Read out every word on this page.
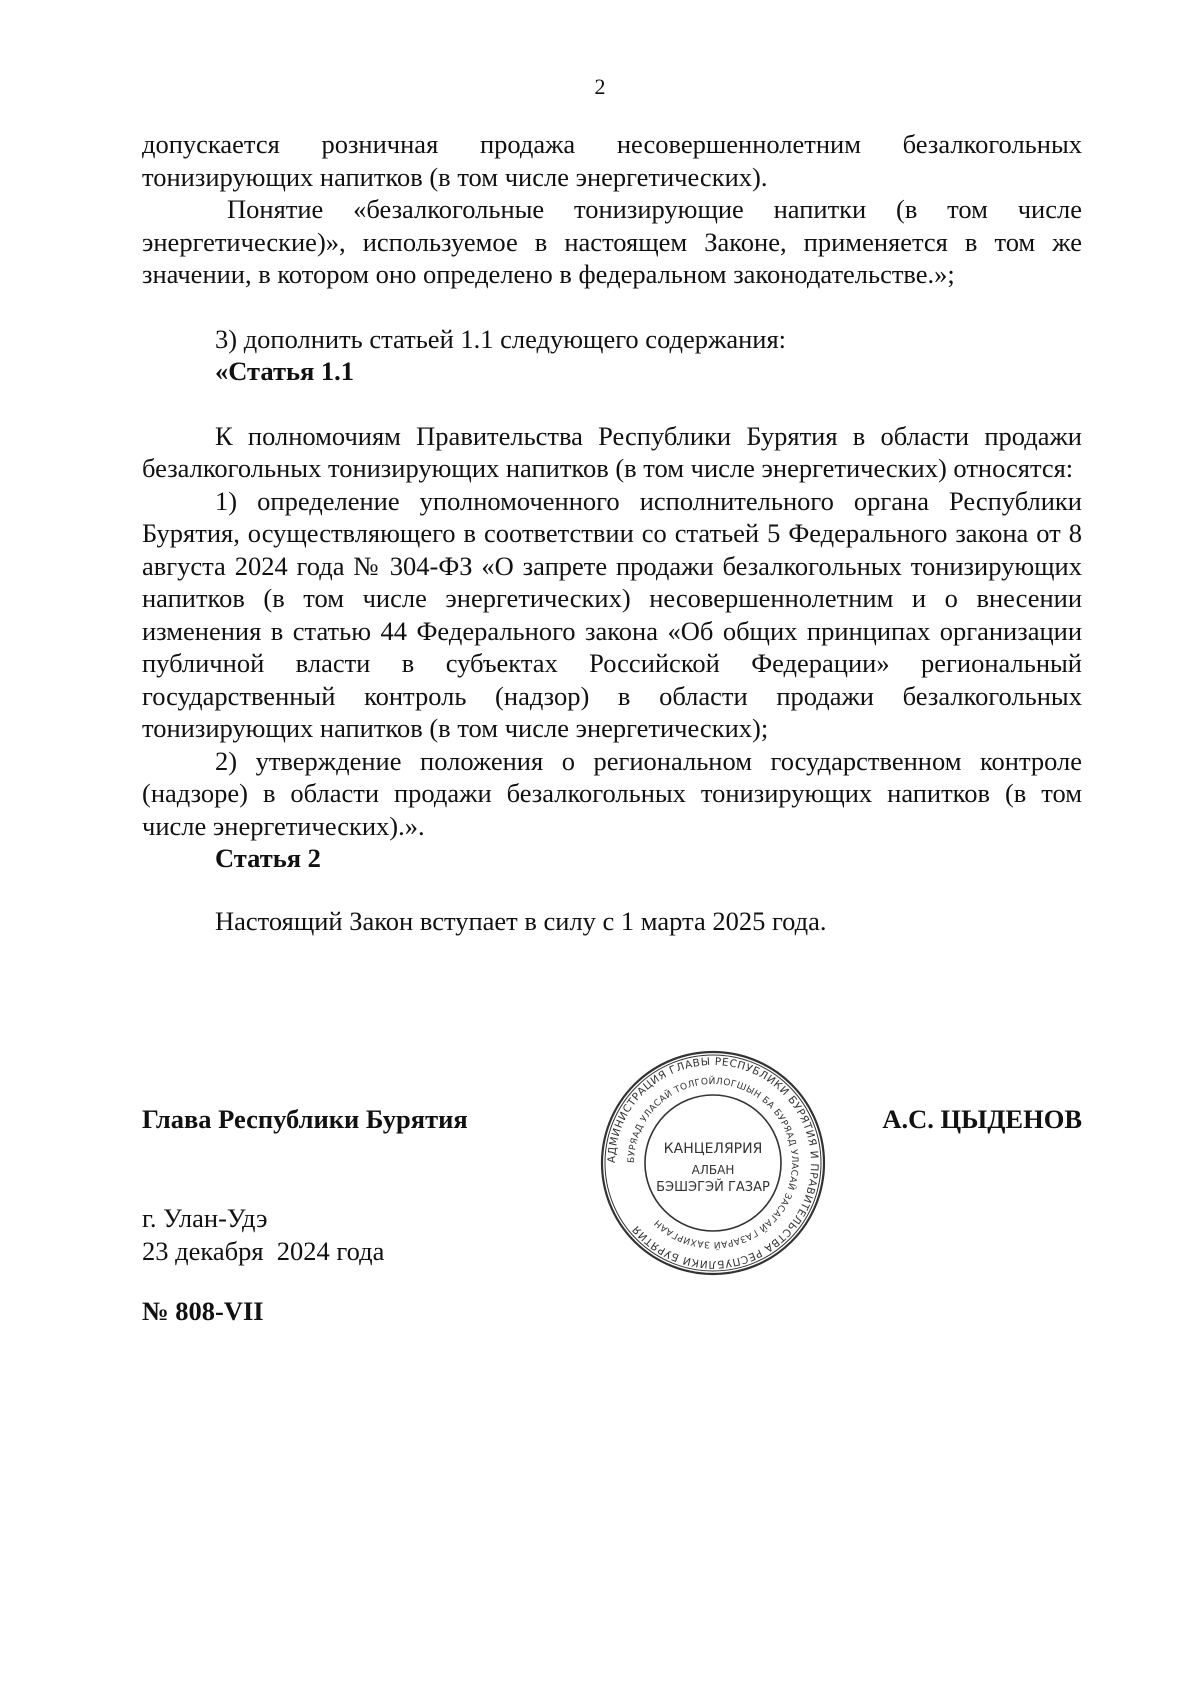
2

допускается розничная продажа несовершеннолетним безалкогольных тонизирующих напитков (в том числе энергетических).

Понятие «безалкогольные тонизирующие напитки (в том числе энергетические)», используемое в настоящем Законе, применяется в том же значении, в котором оно определено в федеральном законодательстве.»;

3) дополнить статьей 1.1 следующего содержания:

«Статья 1.1

К полномочиям Правительства Республики Бурятия в области продажи безалкогольных тонизирующих напитков (в том числе энергетических) относятся:

1) определение уполномоченного исполнительного органа Республики Бурятия, осуществляющего в соответствии со статьей 5 Федерального закона от 8 августа 2024 года № 304-ФЗ «О запрете продажи безалкогольных тонизирующих напитков (в том числе энергетических) несовершеннолетним и о внесении изменения в статью 44 Федерального закона «Об общих принципах организации публичной власти в субъектах Российской Федерации» региональный государственный контроль (надзор) в области продажи безалкогольных тонизирующих напитков (в том числе энергетических);

2) утверждение положения о региональном государственном контроле (надзоре) в области продажи безалкогольных тонизирующих напитков (в том числе энергетических).».

Статья 2

Настоящий Закон вступает в силу с 1 марта 2025 года.

Глава Республики Бурятия	А.С. ЦЫДЕНОВ
АДМИНИСТРАЦИЯ ГЛАВЫ РЕСПУБЛИКИ БУРЯТИЯ И ПРАВИТЕЛЬСТВА РЕСПУБЛИКИ БУРЯТИЯ
БУРЯАД УЛАСАЙ ТОЛГОЙЛОГШЫН БА БУРЯАД УЛАСАЙ ЗАСАГАЙ ГАЗАРАЙ ЗАХИРГААН
КАНЦЕЛЯРИЯ
АЛБАН
БЭШЭГЭЙ ГАЗАР
г. Улан-Удэ
23 декабря  2024 года
№ 808-VII
